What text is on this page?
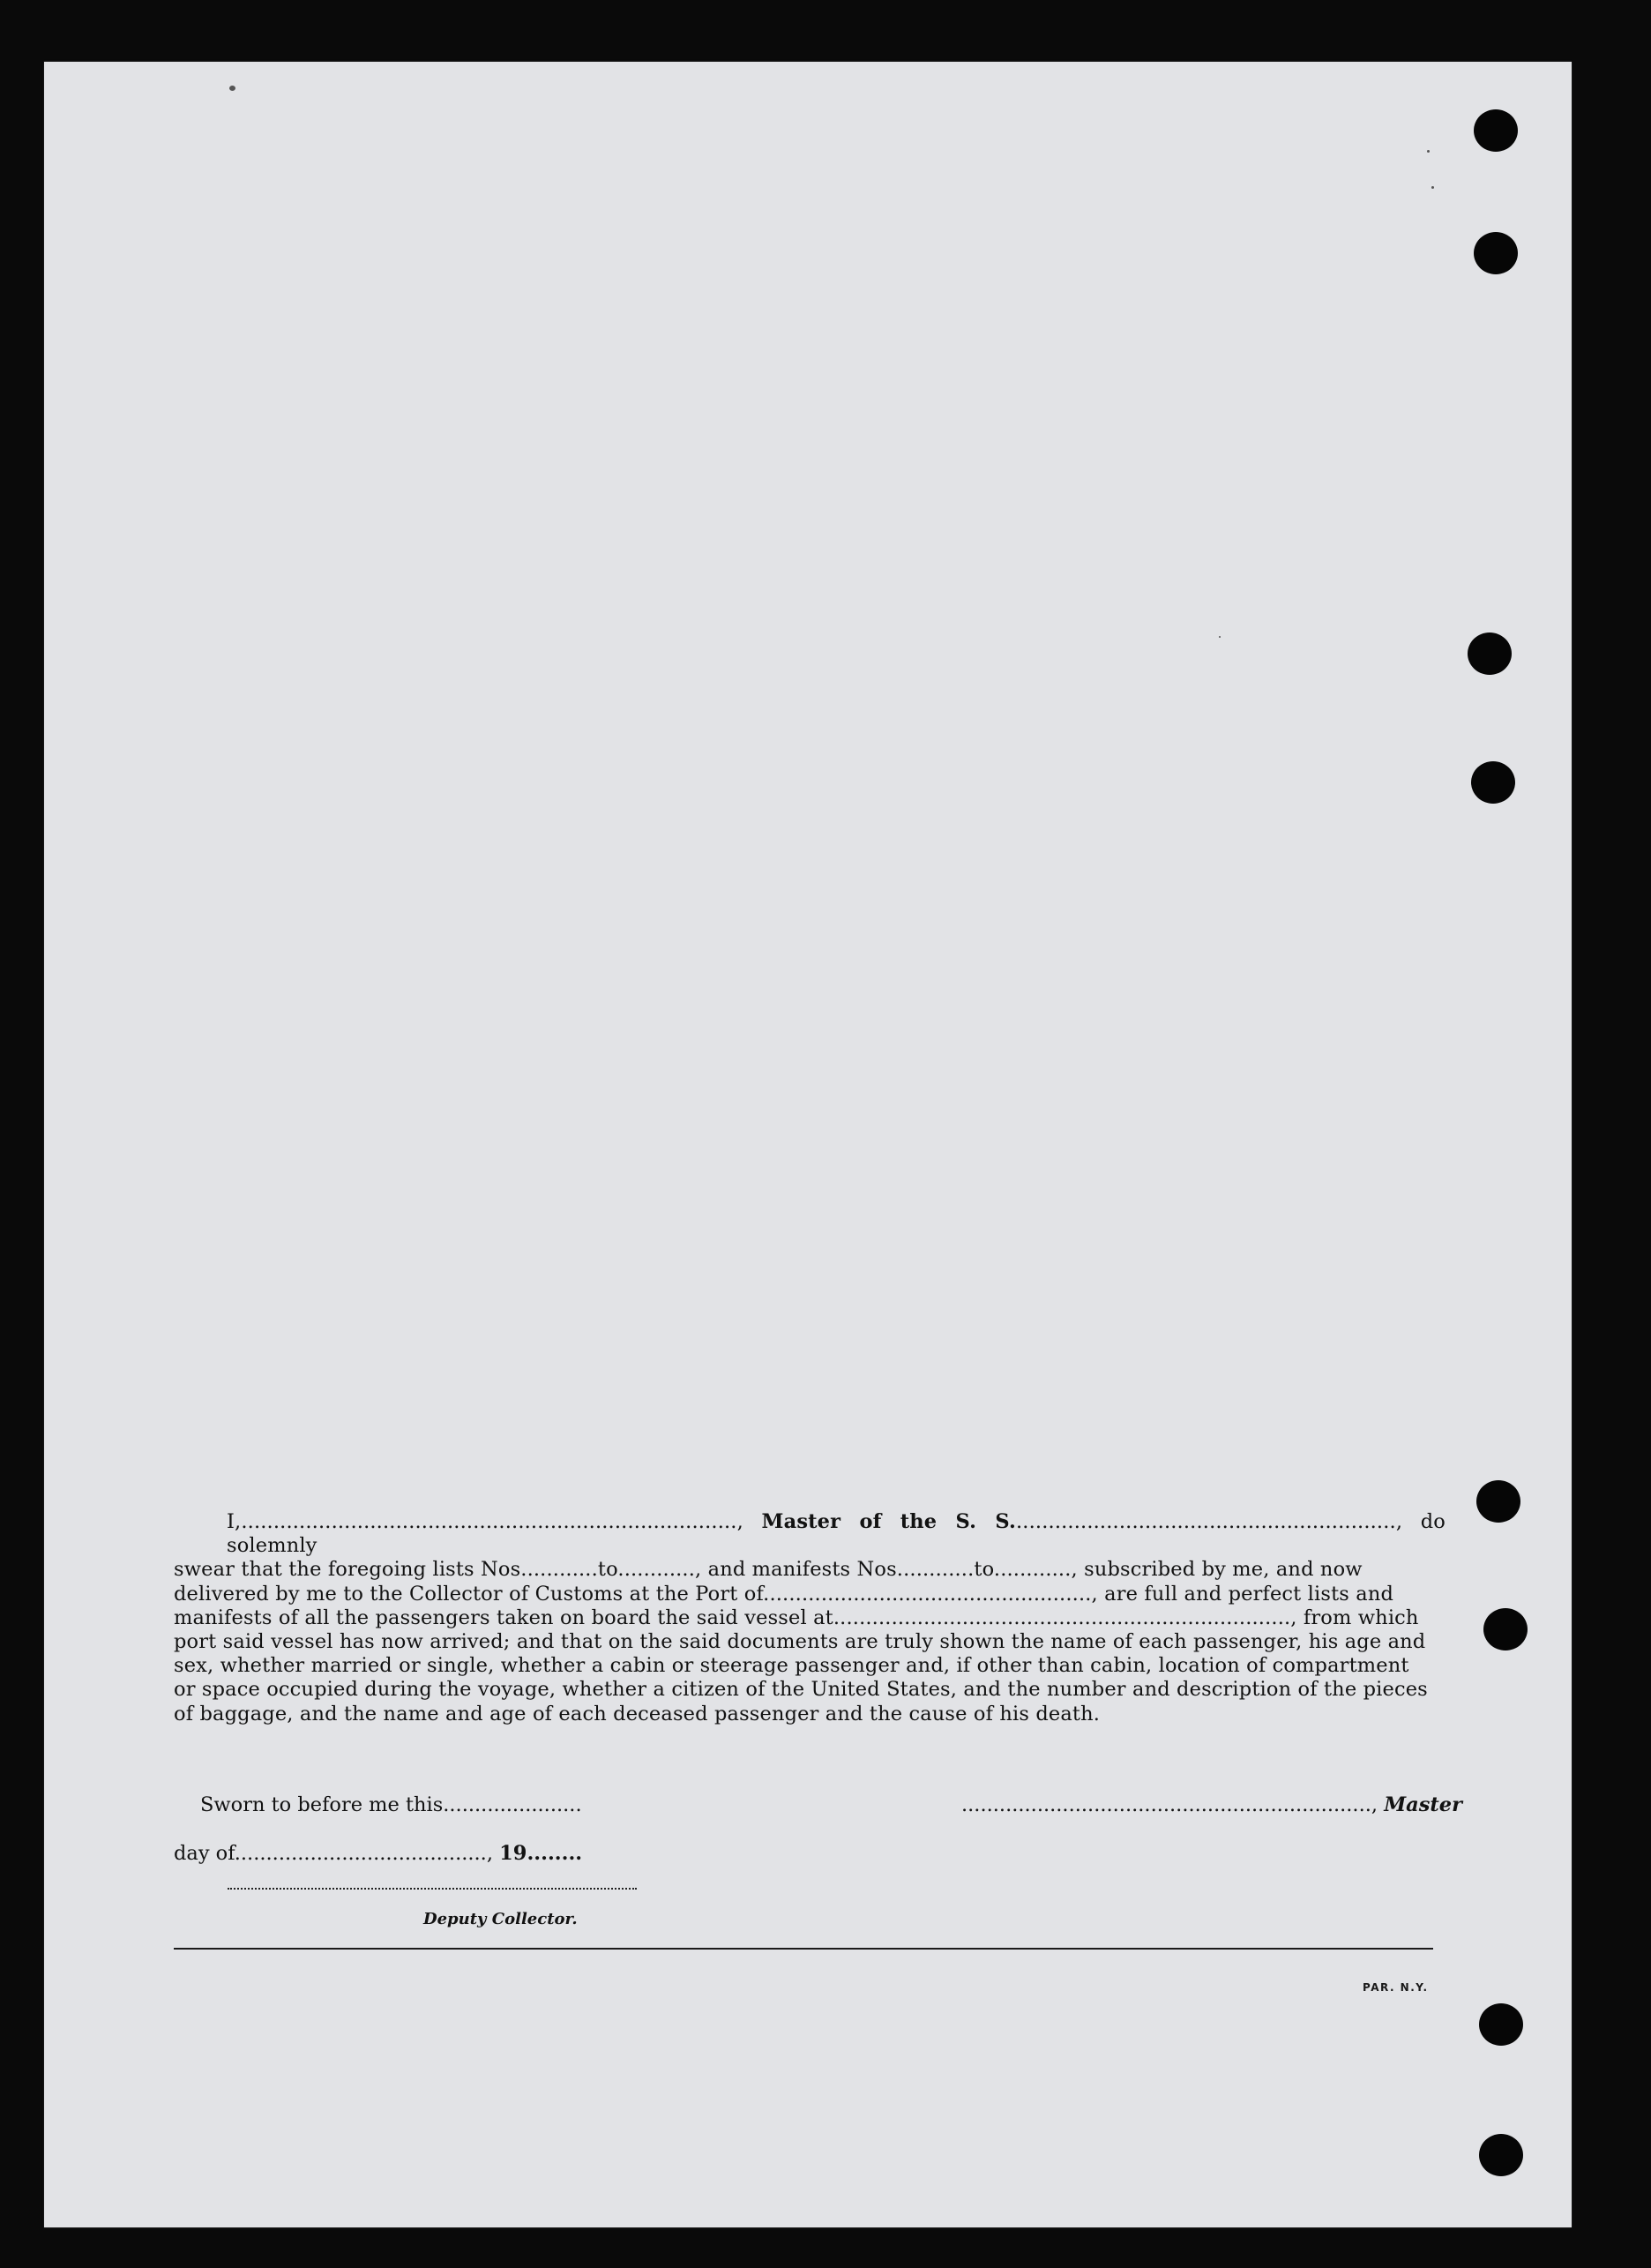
I,............................................................................., Master of the S. S............................................................, do solemnly
swear that the foregoing lists Nos............to............, and manifests Nos............to............, subscribed by me, and now
delivered by me to the Collector of Customs at the Port of..................................................., are full and perfect lists and
manifests of all the passengers taken on board the said vessel at......................................................................., from which
port said vessel has now arrived; and that on the said documents are truly shown the name of each passenger, his age and
sex, whether married or single, whether a cabin or steerage passenger and, if other than cabin, location of compartment
or space occupied during the voyage, whether a citizen of the United States, and the number and description of the pieces
of baggage, and the name and age of each deceased passenger and the cause of his death.
Sworn to before me this......................	................................................................., Master
day of........................................, 19........
Deputy Collector.
PAR. N.Y.
